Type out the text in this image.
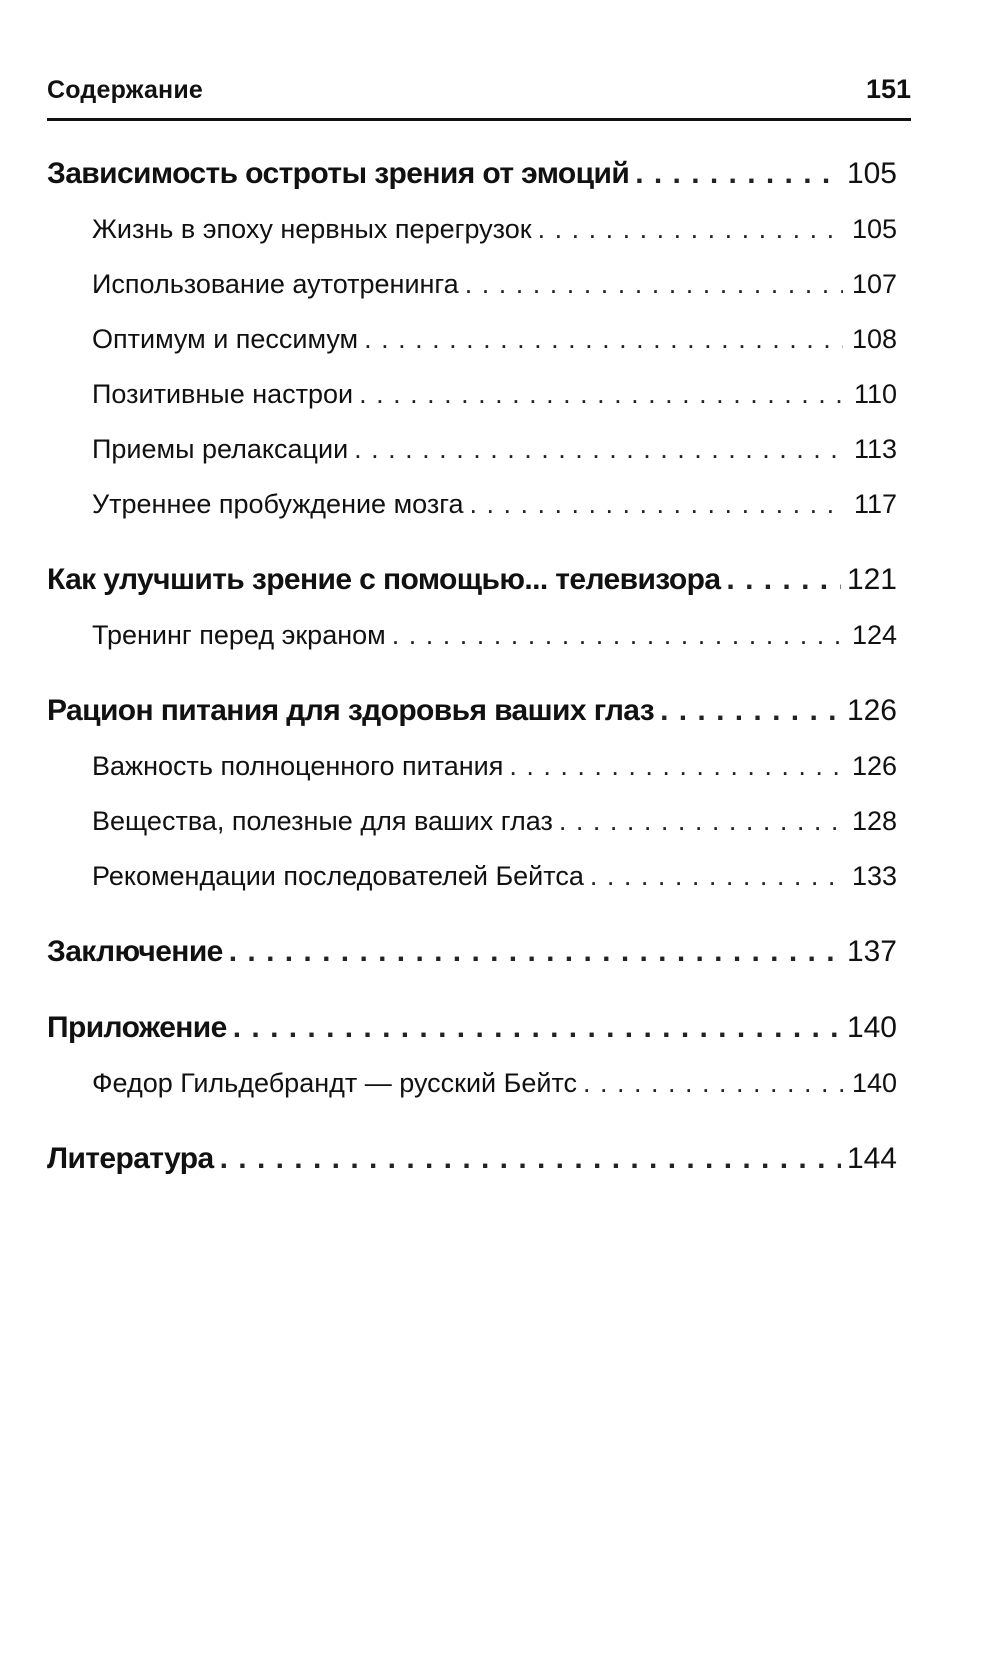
Содержание	151
Зависимость остроты зрения от эмоций . . .	105
Жизнь в эпоху нервных перегрузок . . .	105
Использование аутотренинга . . .	107
Оптимум и пессимум . . .	108
Позитивные настрои . . .	110
Приемы релаксации . . .	113
Утреннее пробуждение мозга . . .	117
Как улучшить зрение с помощью... телевизора . . .	121
Тренинг перед экраном . . .	124
Рацион питания для здоровья ваших глаз . . .	126
Важность полноценного питания . . .	126
Вещества, полезные для ваших глаз . . .	128
Рекомендации последователей Бейтса . . .	133
Заключение . . .	137
Приложение . . .	140
Федор Гильдебрандт — русский Бейтс . . .	140
Литература . . .	144
